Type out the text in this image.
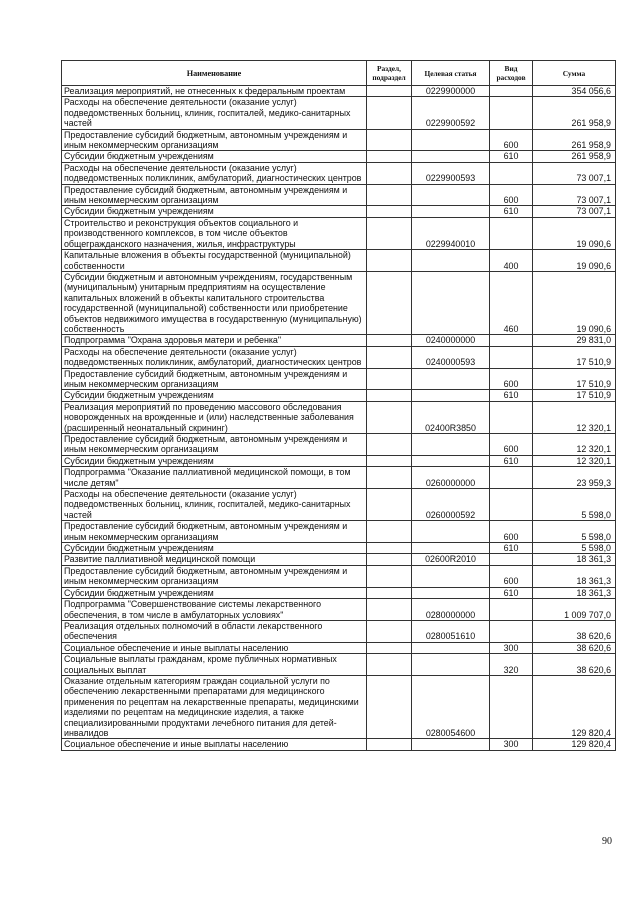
Наименование	Раздел, подраздел	Целевая статья	Вид расходов	Сумма
Реализация мероприятий, не отнесенных к федеральным проектам		0229900000		354 056,6
Расходы на обеспечение деятельности (оказание услуг) подведомственных больниц, клиник, госпиталей, медико-санитарных частей		0229900592		261 958,9
Предоставление субсидий бюджетным, автономным учреждениям и иным некоммерческим организациям			600	261 958,9
Субсидии бюджетным учреждениям			610	261 958,9
Расходы на обеспечение деятельности (оказание услуг) подведомственных поликлиник, амбулаторий, диагностических центров		0229900593		73 007,1
Предоставление субсидий бюджетным, автономным учреждениям и иным некоммерческим организациям			600	73 007,1
Субсидии бюджетным учреждениям			610	73 007,1
Строительство и реконструкция объектов социального и производственного комплексов, в том числе объектов общегражданского назначения, жилья, инфраструктуры		0229940010		19 090,6
Капитальные вложения в объекты государственной (муниципальной) собственности			400	19 090,6
Субсидии бюджетным и автономным учреждениям, государственным (муниципальным) унитарным предприятиям на осуществление капитальных вложений в объекты капитального строительства государственной (муниципальной) собственности или приобретение объектов недвижимого имущества в государственную (муниципальную) собственность			460	19 090,6
Подпрограмма "Охрана здоровья матери и ребенка"		0240000000		29 831,0
Расходы на обеспечение деятельности (оказание услуг) подведомственных поликлиник, амбулаторий, диагностических центров		0240000593		17 510,9
Предоставление субсидий бюджетным, автономным учреждениям и иным некоммерческим организациям			600	17 510,9
Субсидии бюджетным учреждениям			610	17 510,9
Реализация мероприятий по проведению массового обследования новорожденных на врожденные и (или) наследственные заболевания (расширенный неонатальный скрининг)		02400R3850		12 320,1
Предоставление субсидий бюджетным, автономным учреждениям и иным некоммерческим организациям			600	12 320,1
Субсидии бюджетным учреждениям			610	12 320,1
Подпрограмма "Оказание паллиативной медицинской помощи, в том числе детям"		0260000000		23 959,3
Расходы на обеспечение деятельности (оказание услуг) подведомственных больниц, клиник, госпиталей, медико-санитарных частей		0260000592		5 598,0
Предоставление субсидий бюджетным, автономным учреждениям и иным некоммерческим организациям			600	5 598,0
Субсидии бюджетным учреждениям			610	5 598,0
Развитие паллиативной медицинской помощи		02600R2010		18 361,3
Предоставление субсидий бюджетным, автономным учреждениям и иным некоммерческим организациям			600	18 361,3
Субсидии бюджетным учреждениям			610	18 361,3
Подпрограмма "Совершенствование системы лекарственного обеспечения, в том числе в амбулаторных условиях"		0280000000		1 009 707,0
Реализация отдельных полномочий в области лекарственного обеспечения		0280051610		38 620,6
Социальное обеспечение и иные выплаты населению			300	38 620,6
Социальные выплаты гражданам, кроме публичных нормативных социальных выплат			320	38 620,6
Оказание отдельным категориям граждан социальной услуги по обеспечению лекарственными препаратами для медицинского применения по рецептам на лекарственные препараты, медицинскими изделиями по рецептам на медицинские изделия, а также специализированными продуктами лечебного питания для детей-инвалидов		0280054600		129 820,4
Социальное обеспечение и иные выплаты населению			300	129 820,4
90
